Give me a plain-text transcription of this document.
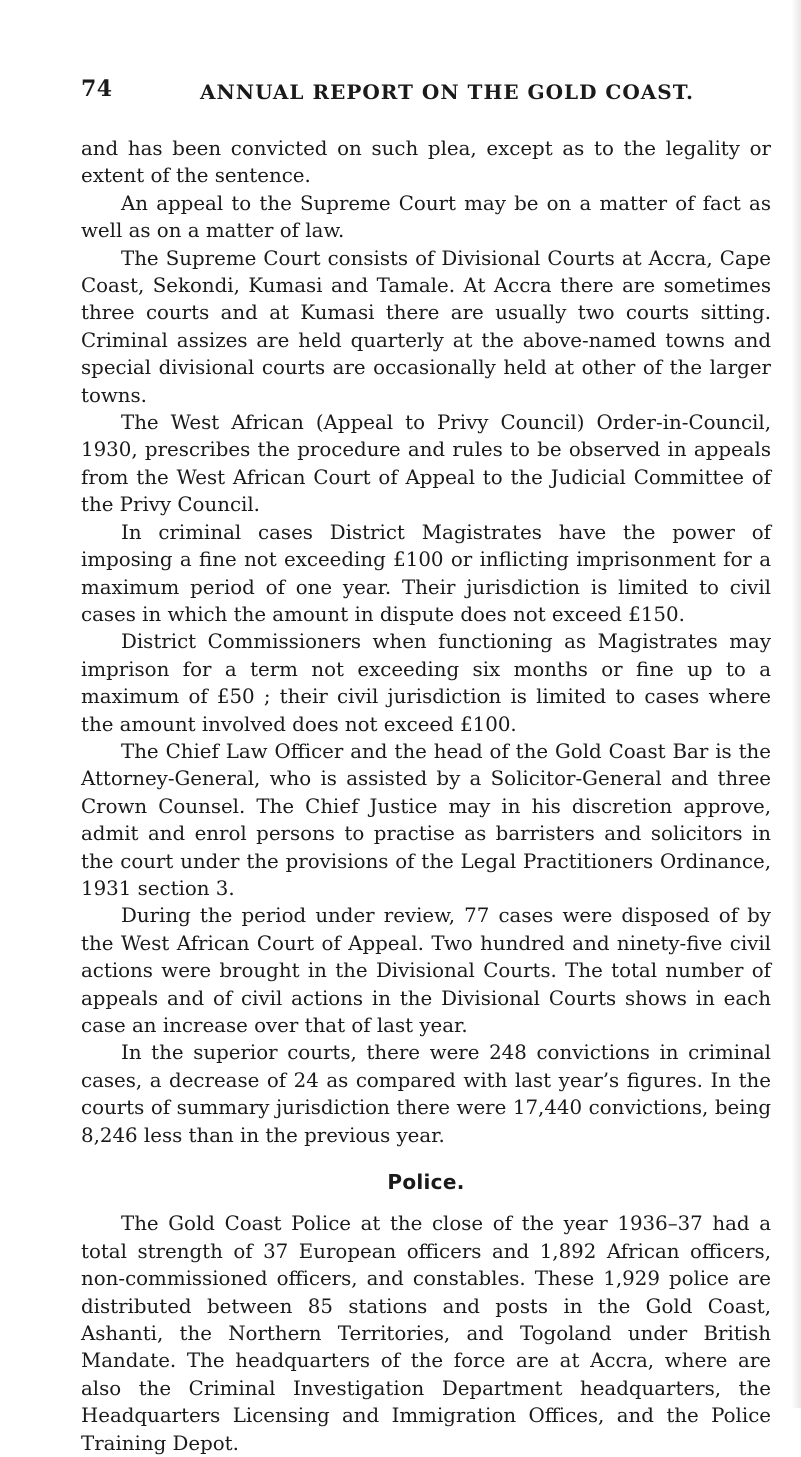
74	ANNUAL REPORT ON THE GOLD COAST.

and has been convicted on such plea, except as to the legality or extent of the sentence.

An appeal to the Supreme Court may be on a matter of fact as well as on a matter of law.

The Supreme Court consists of Divisional Courts at Accra, Cape Coast, Sekondi, Kumasi and Tamale. At Accra there are sometimes three courts and at Kumasi there are usually two courts sitting. Criminal assizes are held quarterly at the above-named towns and special divisional courts are occasionally held at other of the larger towns.

The West African (Appeal to Privy Council) Order-in-Council, 1930, prescribes the procedure and rules to be observed in appeals from the West African Court of Appeal to the Judicial Committee of the Privy Council.

In criminal cases District Magistrates have the power of imposing a fine not exceeding £100 or inflicting imprisonment for a maximum period of one year. Their jurisdiction is limited to civil cases in which the amount in dispute does not exceed £150.

District Commissioners when functioning as Magistrates may imprison for a term not exceeding six months or fine up to a maximum of £50 ; their civil jurisdiction is limited to cases where the amount involved does not exceed £100.

The Chief Law Officer and the head of the Gold Coast Bar is the Attorney-General, who is assisted by a Solicitor-General and three Crown Counsel. The Chief Justice may in his discretion approve, admit and enrol persons to practise as barristers and solicitors in the court under the provisions of the Legal Practitioners Ordinance, 1931 section 3.

During the period under review, 77 cases were disposed of by the West African Court of Appeal. Two hundred and ninety-five civil actions were brought in the Divisional Courts. The total number of appeals and of civil actions in the Divisional Courts shows in each case an increase over that of last year.

In the superior courts, there were 248 convictions in criminal cases, a decrease of 24 as compared with last year’s figures. In the courts of summary jurisdiction there were 17,440 convictions, being 8,246 less than in the previous year.

Police.

The Gold Coast Police at the close of the year 1936–37 had a total strength of 37 European officers and 1,892 African officers, non-commissioned officers, and constables. These 1,929 police are distributed between 85 stations and posts in the Gold Coast, Ashanti, the Northern Territories, and Togoland under British Mandate. The headquarters of the force are at Accra, where are also the Criminal Investigation Department headquarters, the Headquarters Licensing and Immigration Offices, and the Police Training Depot.
